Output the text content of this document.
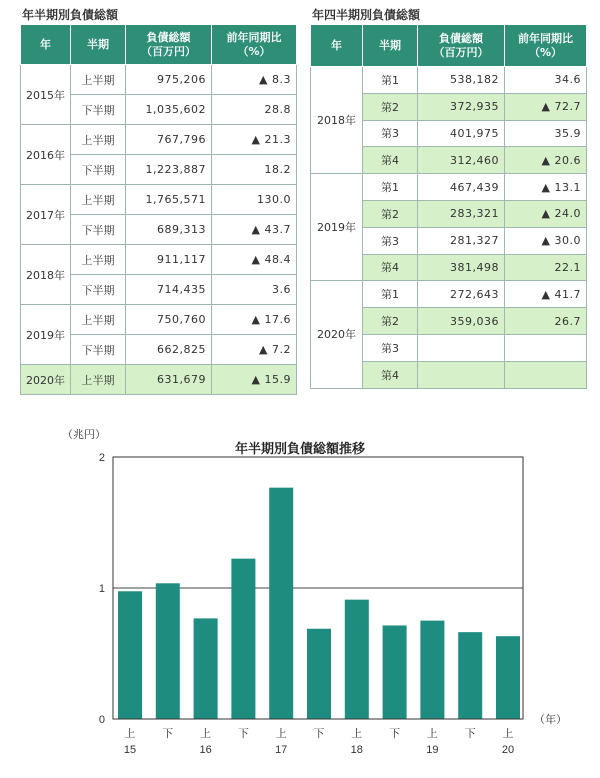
年半期別負債総額
年	半期	負債総額
（百万円）	前年同期比
（%）
2015年	上半期	975,206	▲ 8.3
	下半期	1,035,602	28.8
2016年	上半期	767,796	▲ 21.3
	下半期	1,223,887	18.2
2017年	上半期	1,765,571	130.0
	下半期	689,313	▲ 43.7
2018年	上半期	911,117	▲ 48.4
	下半期	714,435	3.6
2019年	上半期	750,760	▲ 17.6
	下半期	662,825	▲ 7.2
2020年	上半期	631,679	▲ 15.9
年四半期別負債総額
年	半期	負債総額
（百万円）	前年同期比
（%）
2018年	第1	538,182	34.6
	第2	372,935	▲ 72.7
	第3	401,975	35.9
	第4	312,460	▲ 20.6
2019年	第1	467,439	▲ 13.1
	第2	283,321	▲ 24.0
	第3	281,327	▲ 30.0
	第4	381,498	22.1
2020年	第1	272,643	▲ 41.7
	第2	359,036	26.7
	第3		
	第4		
年半期別負債総額推移
（兆円）
（年）
0
1
2
上 下 上 下 上 下 上 下 上 下 上
15	16	17	18	19	20
